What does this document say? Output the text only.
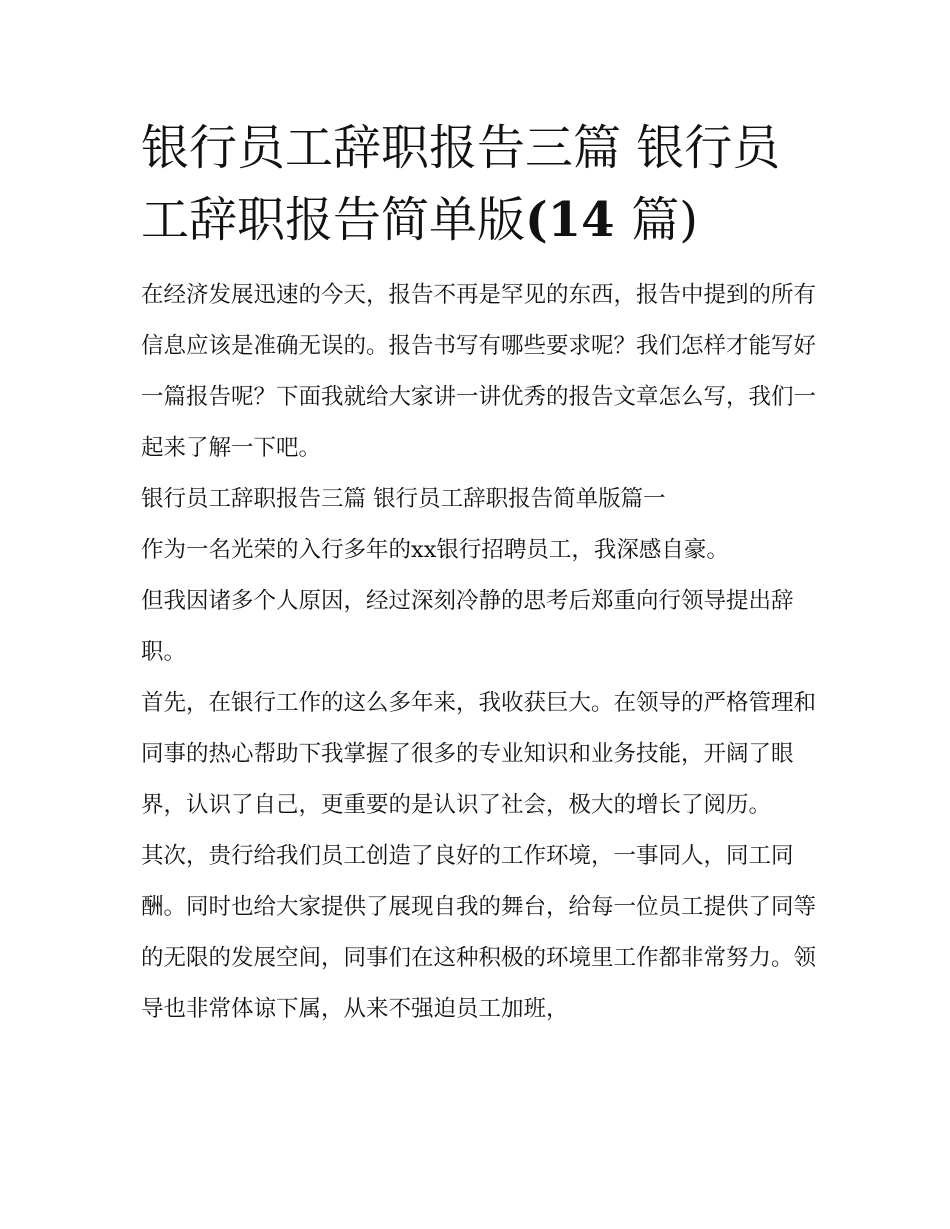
银行员工辞职报告三篇 银行员工辞职报告简单版(14 篇)

在经济发展迅速的今天，报告不再是罕见的东西，报告中提到的所有信息应该是准确无误的。报告书写有哪些要求呢？我们怎样才能写好一篇报告呢？下面我就给大家讲一讲优秀的报告文章怎么写，我们一起来了解一下吧。

银行员工辞职报告三篇 银行员工辞职报告简单版篇一

作为一名光荣的入行多年的xx银行招聘员工，我深感自豪。

但我因诸多个人原因，经过深刻冷静的思考后郑重向行领导提出辞职。

首先，在银行工作的这么多年来，我收获巨大。在领导的严格管理和同事的热心帮助下我掌握了很多的专业知识和业务技能，开阔了眼界，认识了自己，更重要的是认识了社会，极大的增长了阅历。

其次，贵行给我们员工创造了良好的工作环境，一事同人，同工同酬。同时也给大家提供了展现自我的舞台，给每一位员工提供了同等的无限的发展空间，同事们在这种积极的环境里工作都非常努力。领导也非常体谅下属，从来不强迫员工加班，
